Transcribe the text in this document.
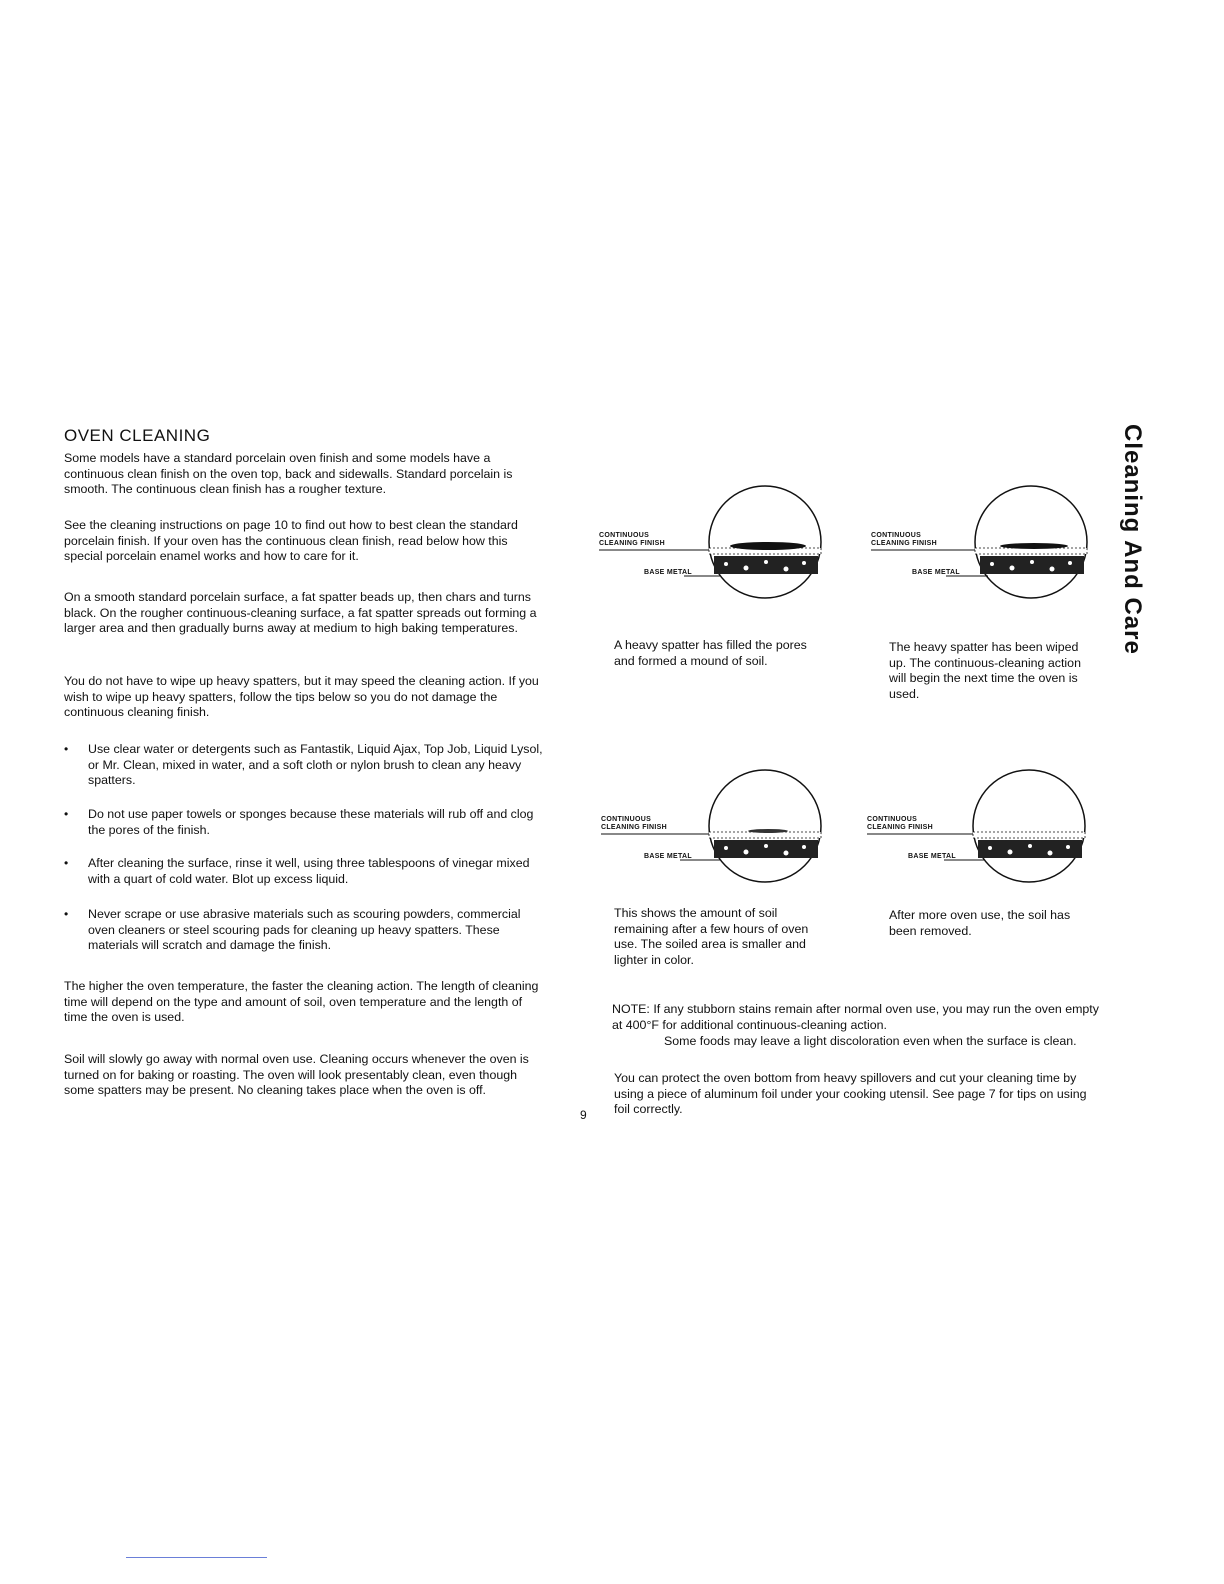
Cleaning And Care
OVEN CLEANING
Some models have a standard porcelain oven finish and some models have a continuous clean finish on the oven top, back and sidewalls. Standard porcelain is smooth. The continuous clean finish has a rougher texture.
See the cleaning instructions on page 10 to find out how to best clean the standard porcelain finish. If your oven has the continuous clean finish, read below how this special porcelain enamel works and how to care for it.
On a smooth standard porcelain surface, a fat spatter beads up, then chars and turns black. On the rougher continuous-cleaning surface, a fat spatter spreads out forming a larger area and then gradually burns away at medium to high baking temperatures.
You do not have to wipe up heavy spatters, but it may speed the cleaning action. If you wish to wipe up heavy spatters, follow the tips below so you do not damage the continuous cleaning finish.
• Use clear water or detergents such as Fantastik, Liquid Ajax, Top Job, Liquid Lysol, or Mr. Clean, mixed in water, and a soft cloth or nylon brush to clean any heavy spatters.
• Do not use paper towels or sponges because these materials will rub off and clog the pores of the finish.
• After cleaning the surface, rinse it well, using three tablespoons of vinegar mixed with a quart of cold water. Blot up excess liquid.
• Never scrape or use abrasive materials such as scouring powders, commercial oven cleaners or steel scouring pads for cleaning up heavy spatters. These materials will scratch and damage the finish.
The higher the oven temperature, the faster the cleaning action. The length of cleaning time will depend on the type and amount of soil, oven temperature and the length of time the oven is used.
Soil will slowly go away with normal oven use. Cleaning occurs whenever the oven is turned on for baking or roasting. The oven will look presentably clean, even though some spatters may be present. No cleaning takes place when the oven is off.
9
CONTINUOUS
CLEANING FINISH
BASE METAL
CONTINUOUS
CLEANING FINISH
BASE METAL
CONTINUOUS
CLEANING FINISH
BASE METAL
CONTINUOUS
CLEANING FINISH
BASE METAL
A heavy spatter has filled the pores and formed a mound of soil.
The heavy spatter has been wiped up. The continuous-cleaning action will begin the next time the oven is used.
This shows the amount of soil remaining after a few hours of oven use. The soiled area is smaller and lighter in color.
After more oven use, the soil has been removed.
NOTE: If any stubborn stains remain after normal oven use, you may run the oven empty at 400°F for additional continuous-cleaning action.
Some foods may leave a light discoloration even when the surface is clean.
You can protect the oven bottom from heavy spillovers and cut your cleaning time by using a piece of aluminum foil under your cooking utensil. See page 7 for tips on using foil correctly.
